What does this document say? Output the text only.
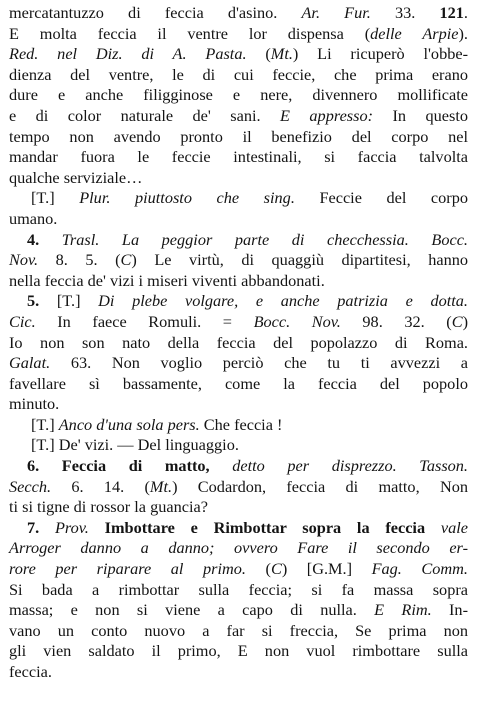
mercatantuzzo di feccia d'asino. Ar. Fur. 33. 121.
E molta feccia il ventre lor dispensa (delle Arpie).
Red. nel Diz. di A. Pasta. (Mt.) Li ricuperò l'obbe-
dienza del ventre, le di cui feccie, che prima erano
dure e anche filigginose e nere, divennero mollificate
e di color naturale de' sani. E appresso: In questo
tempo non avendo pronto il benefizio del corpo nel
mandar fuora le feccie intestinali, si faccia talvolta
qualche serviziale…
[T.] Plur. piuttosto che sing. Feccie del corpo
umano.
4. Trasl. La peggior parte di checchessia. Bocc.
Nov. 8. 5. (C) Le virtù, di quaggiù dipartitesi, hanno
nella feccia de' vizi i miseri viventi abbandonati.
5. [T.] Di plebe volgare, e anche patrizia e dotta.
Cic. In faece Romuli. = Bocc. Nov. 98. 32. (C)
Io non son nato della feccia del popolazzo di Roma.
Galat. 63. Non voglio perciò che tu ti avvezzi a
favellare sì bassamente, come la feccia del popolo
minuto.
[T.] Anco d'una sola pers. Che feccia !
[T.] De' vizi. — Del linguaggio.
6. Feccia di matto, detto per disprezzo. Tasson.
Secch. 6. 14. (Mt.) Codardon, feccia di matto, Non
ti si tigne di rossor la guancia?
7. Prov. Imbottare e Rimbottar sopra la feccia vale
Arroger danno a danno; ovvero Fare il secondo er-
rore per riparare al primo. (C) [G.M.] Fag. Comm.
Si bada a rimbottar sulla feccia; si fa massa sopra
massa; e non si viene a capo di nulla. E Rim. In-
vano un conto nuovo a far si freccia, Se prima non
gli vien saldato il primo, E non vuol rimbottare sulla
feccia.
